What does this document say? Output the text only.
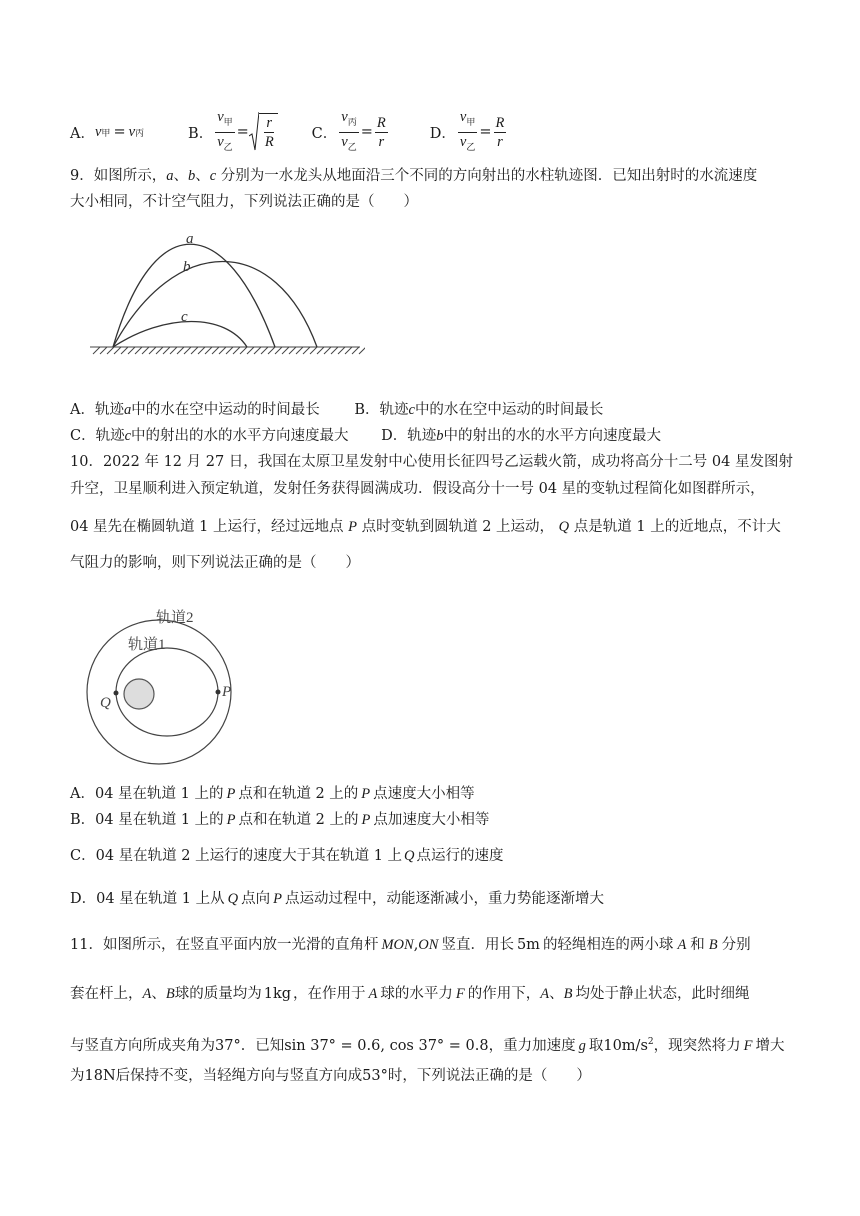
A． v 甲 = v 丙	B． $\frac{v_甲}{v_乙} = \frac{r}{R}$ C． $\frac{v_丙}{v_乙} = \frac{R}{r}$	D． $\frac{v_甲}{v_乙} = \frac{R}{r}$
9．如图所示，a、b、c 分别为一水龙头从地面沿三个不同的方向射出的水柱轨迹图．已知出射时的水流速度
大小相同，不计空气阻力，下列说法正确的是（　　）
a
b
c
A．轨迹a中的水在空中运动的时间最长 B．轨迹c中的水在空中运动的时间最长
C．轨迹c中的射出的水的水平方向速度最大 D．轨迹b中的射出的水的水平方向速度最大
10．2022 年 12 月 27 日，我国在太原卫星发射中心使用长征四号乙运载火箭，成功将高分十二号 04 星发图射
升空，卫星顺利进入预定轨道，发射任务获得圆满成功．假设高分十一号 04 星的变轨过程简化如图群所示，
04 星先在椭圆轨道 1 上运行，经过远地点 P 点时变轨到圆轨道 2 上运动， Q 点是轨道 1 上的近地点，不计大
气阻力的影响，则下列说法正确的是（　　）
轨道2
轨道1
Q
P
A．04 星在轨道 1 上的 P 点和在轨道 2 上的 P 点速度大小相等
B．04 星在轨道 1 上的 P 点和在轨道 2 上的 P 点加速度大小相等
C．04 星在轨道 2 上运行的速度大于其在轨道 1 上 Q 点运行的速度
D．04 星在轨道 1 上从 Q 点向 P 点运动过程中，动能逐渐减小，重力势能逐渐增大
11．如图所示，在竖直平面内放一光滑的直角杆 MON,ON 竖直．用长 5m 的轻绳相连的两小球 A 和 B 分别
套在杆上，A、B球的质量均为 1kg ，在作用于 A 球的水平力 F 的作用下，A、B 均处于静止状态，此时细绳
与竖直方向所成夹角为37°．已知sin 37° = 0.6, cos 37° = 0.8，重力加速度 g 取$10m/s^2$，现突然将力 F 增大
为18N后保持不变，当轻绳方向与竖直方向成53°时，下列说法正确的是（　　）
